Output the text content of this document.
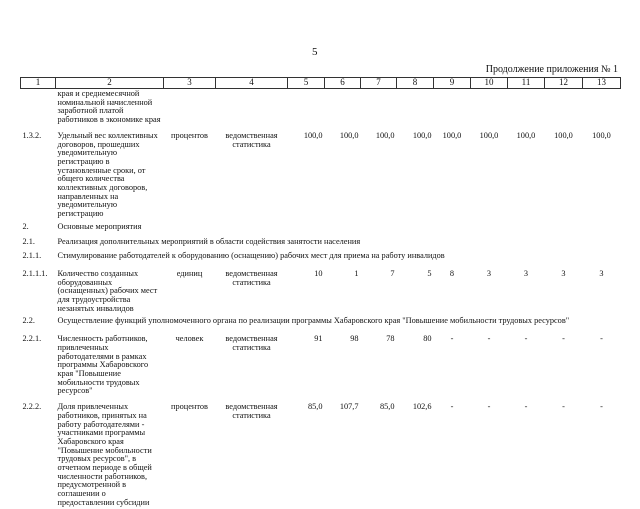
5
Продолжение приложения № 1
1	2	3	4	5	6	7	8	9	10	11	12	13
	края и среднемесячной номинальной начисленной заработной платой работников в экономике края											
1.3.2.	Удельный вес коллективных договоров, прошедших уведомительную регистрацию в установленные сроки, от общего количества коллективных договоров, направленных на уведомительную регистрацию	процентов	ведомственная статистика	100,0	100,0	100,0	100,0	100,0	100,0	100,0	100,0	100,0
2.	Основные мероприятия											
2.1.	Реализация дополнительных мероприятий в области содействия занятости населения											
2.1.1.	Стимулирование работодателей к оборудованию (оснащению) рабочих мест для приема на работу инвалидов											
2.1.1.1.	Количество созданных оборудованных (оснащенных) рабочих мест для трудоустройства незанятых инвалидов	единиц	ведомственная статистика	10	1	7	5	8	3	3	3	3
2.2.	Осуществление функций уполномоченного органа по реализации программы Хабаровского края "Повышение мобильности трудовых ресурсов"											
2.2.1.	Численность работников, привлеченных работодателями в рамках программы Хабаровского края "Повышение мобильности трудовых ресурсов"	человек	ведомственная статистика	91	98	78	80	-	-	-	-	-
2.2.2.	Доля привлеченных работников, принятых на работу работодателями - участниками программы Хабаровского края "Повышение мобильности трудовых ресурсов", в отчетном периоде в общей численности работников, предусмотренной в соглашении о предоставлении субсидии	процентов	ведомственная статистика	85,0	107,7	85,0	102,6	-	-	-	-	-
